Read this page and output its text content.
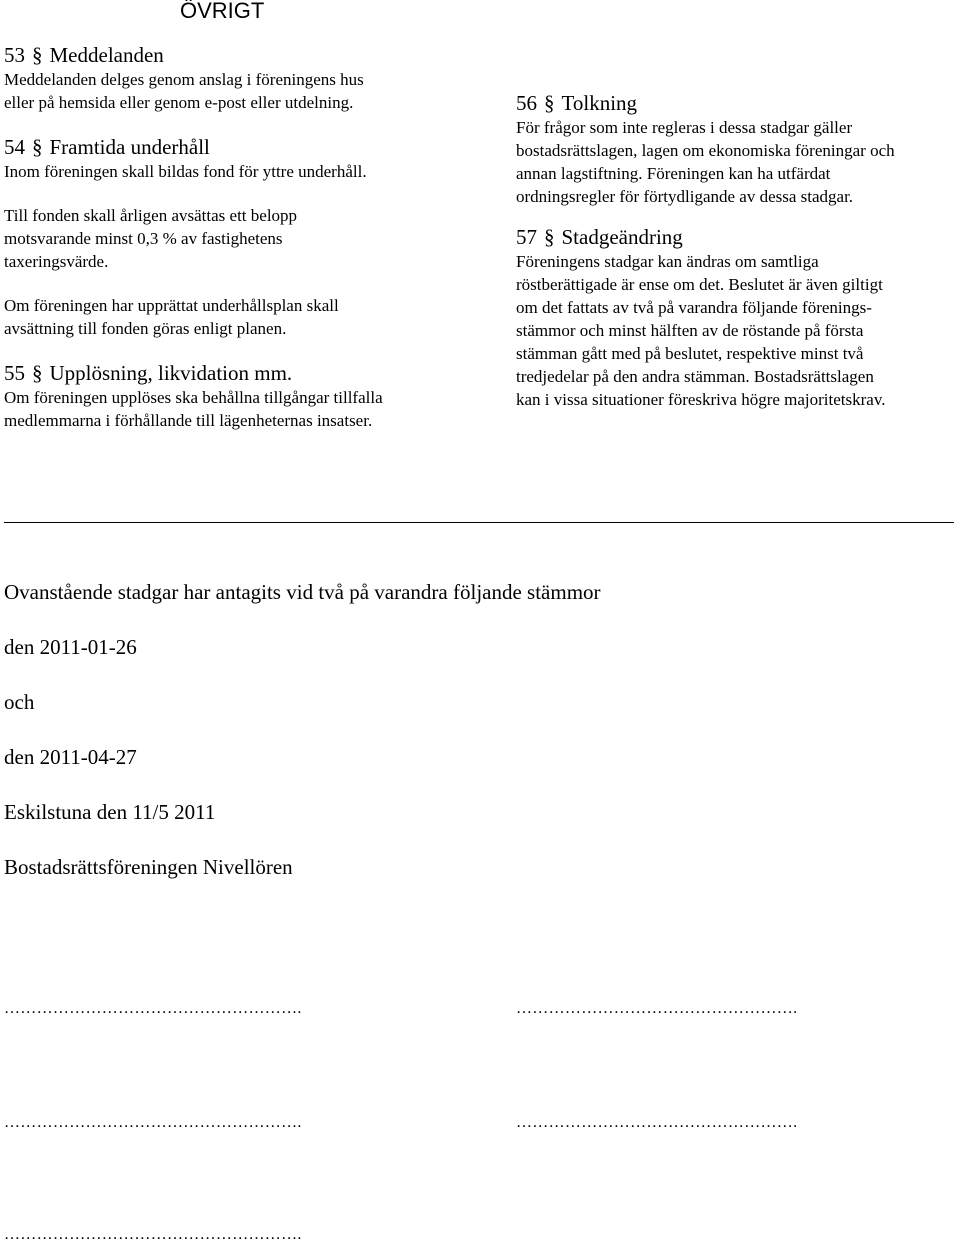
ÖVRIGT
53 § Meddelanden

Meddelanden delges genom anslag i föreningens hus

eller på hemsida eller genom e-post eller utdelning.

54 § Framtida underhåll

Inom föreningen skall bildas fond för yttre underhåll.

Till fonden skall årligen avsättas ett belopp

motsvarande minst 0,3 % av fastighetens

taxeringsvärde.

Om föreningen har upprättat underhållsplan skall

avsättning till fonden göras enligt planen.

55 § Upplösning, likvidation mm.

Om föreningen upplöses ska behållna tillgångar tillfalla

medlemmarna i förhållande till lägenheternas insatser.

56 § Tolkning

För frågor som inte regleras i dessa stadgar gäller

bostadsrättslagen, lagen om ekonomiska föreningar och

annan lagstiftning. Föreningen kan ha utfärdat

ordningsregler för förtydligande av dessa stadgar.

57 § Stadgeändring

Föreningens stadgar kan ändras om samtliga

röstberättigade är ense om det. Beslutet är även giltigt

om det fattats av två på varandra följande förenings-

stämmor och minst hälften av de röstande på första

stämman gått med på beslutet, respektive minst två

tredjedelar på den andra stämman. Bostadsrättslagen

kan i vissa situationer föreskriva högre majoritetskrav.

Ovanstående stadgar har antagits vid två på varandra följande stämmor
den 2011-01-26
och
den 2011-04-27
Eskilstuna den 11/5 2011
Bostadsrättsföreningen Nivellören
……………………………………………….	…………………………………………….
……………………………………………….	…………………………………………….
……………………………………………….
